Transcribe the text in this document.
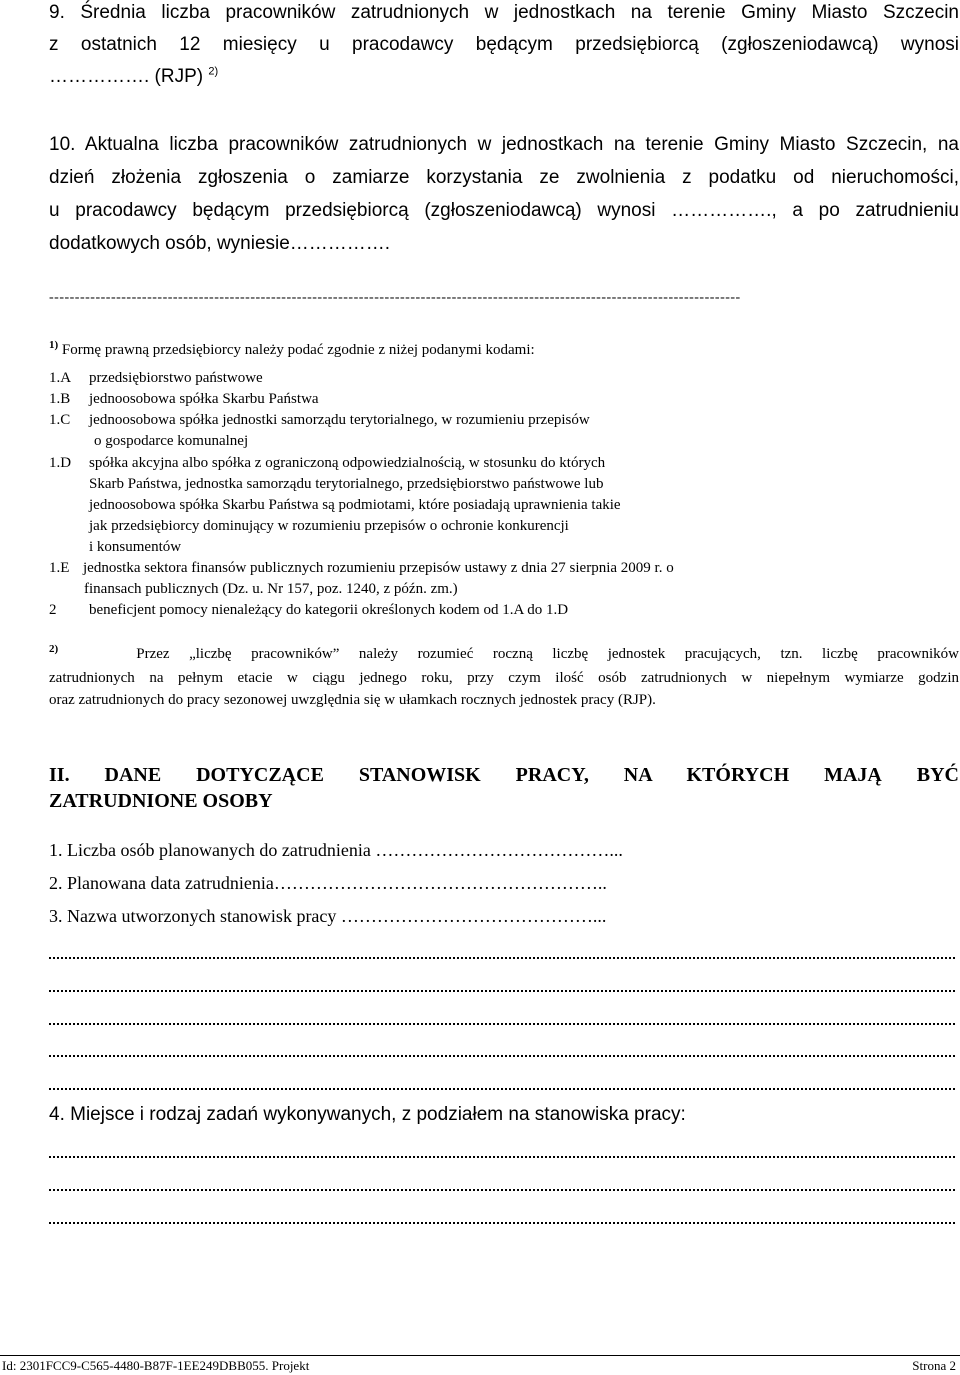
9. Średnia liczba pracowników zatrudnionych w jednostkach na terenie Gminy Miasto Szczecin
z ostatnich 12 miesięcy u pracodawcy będącym przedsiębiorcą (zgłoszeniodawcą) wynosi
……………. (RJP) $^{2)}$
10. Aktualna liczba pracowników zatrudnionych w jednostkach na terenie Gminy Miasto Szczecin, na
dzień złożenia zgłoszenia o zamiarze korzystania ze zwolnienia z podatku od nieruchomości,
u pracodawcy będącym przedsiębiorcą (zgłoszeniodawcą) wynosi ……………., a po zatrudnieniu
dodatkowych osób, wyniesie…………….
--------------------------------------------------------------------------------------------------------------------------------------
$^{1)}$ Formę prawną przedsiębiorcy należy podać zgodnie z niżej podanymi kodami:
1.A przedsiębiorstwo państwowe
1.B jednoosobowa spółka Skarbu Państwa
1.C jednoosobowa spółka jednostki samorządu terytorialnego, w rozumieniu przepisów
o gospodarce komunalnej
1.D spółka akcyjna albo spółka z ograniczoną odpowiedzialnością, w stosunku do których
Skarb Państwa, jednostka samorządu terytorialnego, przedsiębiorstwo państwowe lub
jednoosobowa spółka Skarbu Państwa są podmiotami, które posiadają uprawnienia takie
jak przedsiębiorcy dominujący w rozumieniu przepisów o ochronie konkurencji
i konsumentów
1.E jednostka sektora finansów publicznych rozumieniu przepisów ustawy z dnia 27 sierpnia 2009 r. o
finansach publicznych (Dz. u. Nr 157, poz. 1240, z późn. zm.)
2 beneficjent pomocy nienależący do kategorii określonych kodem od 1.A do 1.D
$^{2)}$	Przez „liczbę pracowników” należy rozumieć roczną liczbę jednostek pracujących, tzn. liczbę pracowników
zatrudnionych na pełnym etacie w ciągu jednego roku, przy czym ilość osób zatrudnionych w niepełnym wymiarze godzin
oraz zatrudnionych do pracy sezonowej uwzględnia się w ułamkach rocznych jednostek pracy (RJP).
II. DANE DOTYCZĄCE STANOWISK PRACY, NA KTÓRYCH MAJĄ BYĆ
ZATRUDNIONE OSOBY
1. Liczba osób planowanych do zatrudnienia …………………………………...
2. Planowana data zatrudnienia………………………………………………..
3. Nazwa utworzonych stanowisk pracy ……………………………………...
4. Miejsce i rodzaj zadań wykonywanych, z podziałem na stanowiska pracy:
Id: 2301FCC9-C565-4480-B87F-1EE249DBB055. Projekt	Strona 2
